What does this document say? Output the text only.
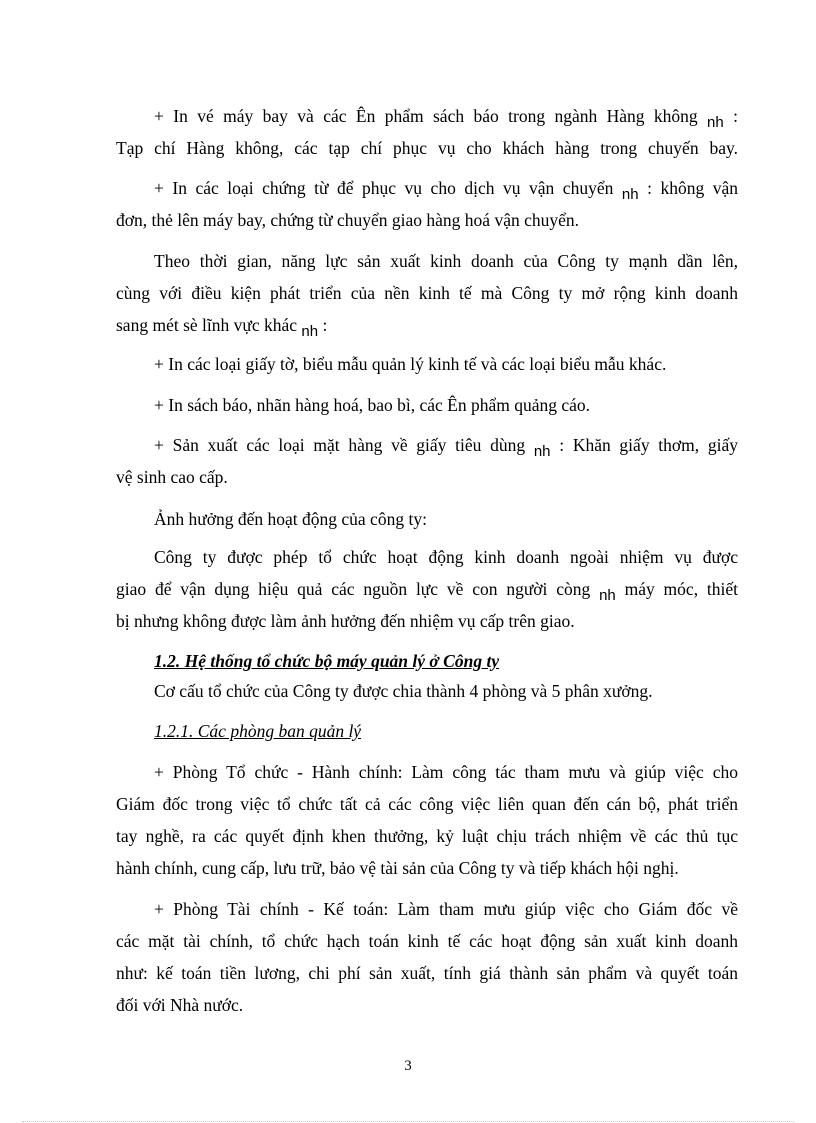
+ In vé máy bay và các Ên phẩm sách báo trong ngành Hàng không nh :
Tạp chí Hàng không, các tạp chí phục vụ cho khách hàng trong chuyến bay.
+ In các loại chứng từ để phục vụ cho dịch vụ vận chuyển nh : không vận
đơn, thẻ lên máy bay, chứng từ chuyển giao hàng hoá vận chuyển.
Theo thời gian, năng lực sản xuất kinh doanh của Công ty mạnh dần lên,
cùng với điều kiện phát triển của nền kinh tế mà Công ty mở rộng kinh doanh
sang mét sè lĩnh vực khác nh :
+ In các loại giấy tờ, biểu mẫu quản lý kinh tế và các loại biểu mẫu khác.
+ In sách báo, nhãn hàng hoá, bao bì, các Ên phẩm quảng cáo.
+ Sản xuất các loại mặt hàng về giấy tiêu dùng nh : Khăn giấy thơm, giấy
vệ sinh cao cấp.
Ảnh hưởng đến hoạt động của công ty:
Công ty được phép tổ chức hoạt động kinh doanh ngoài nhiệm vụ được
giao để vận dụng hiệu quả các nguồn lực về con người còng nh máy móc, thiết
bị nhưng không được làm ảnh hưởng đến nhiệm vụ cấp trên giao.
1.2. Hệ thống tổ chức bộ máy quản lý ở Công ty
Cơ cấu tổ chức của Công ty được chia thành 4 phòng và 5 phân xưởng.
1.2.1. Các phòng ban quản lý
+ Phòng Tổ chức - Hành chính: Làm công tác tham mưu và giúp việc cho
Giám đốc trong việc tổ chức tất cả các công việc liên quan đến cán bộ, phát triển
tay nghề, ra các quyết định khen thưởng, kỷ luật chịu trách nhiệm về các thủ tục
hành chính, cung cấp, lưu trữ, bảo vệ tài sản của Công ty và tiếp khách hội nghị.
+ Phòng Tài chính - Kế toán: Làm tham mưu giúp việc cho Giám đốc về
các mặt tài chính, tổ chức hạch toán kinh tế các hoạt động sản xuất kinh doanh
như: kế toán tiền lương, chi phí sản xuất, tính giá thành sản phẩm và quyết toán
đối với Nhà nước.
3
